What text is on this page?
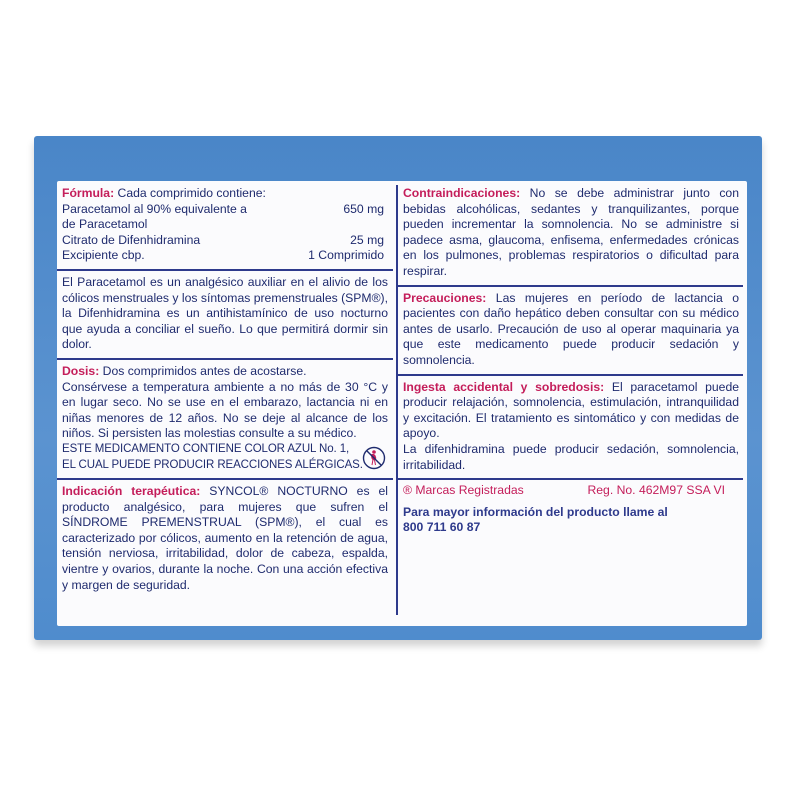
Fórmula: Cada comprimido contiene:
Paracetamol al 90% equivalente a	650 mg
de Paracetamol
Citrato de Difenhidramina	25 mg
Excipiente cbp.	1 Comprimido
El Paracetamol es un analgésico auxiliar en el alivio de los cólicos menstruales y los síntomas premenstruales (SPM®), la Difenhidramina es un antihistamínico de uso nocturno que ayuda a conciliar el sueño. Lo que permitirá dormir sin dolor.
Dosis: Dos comprimidos antes de acostarse.
Consérvese a temperatura ambiente a no más de 30 °C y en lugar seco. No se use en el embarazo, lactancia ni en niñas menores de 12 años. No se deje al alcance de los niños. Si persisten las molestias consulte a su médico.
ESTE MEDICAMENTO CONTIENE COLOR AZUL No. 1,
EL CUAL PUEDE PRODUCIR REACCIONES ALÉRGICAS.
Indicación terapéutica: SYNCOL® NOCTURNO es el producto analgésico, para mujeres que sufren el SÍNDROME PREMENSTRUAL (SPM®), el cual es caracterizado por cólicos, aumento en la retención de agua, tensión nerviosa, irritabilidad, dolor de cabeza, espalda, vientre y ovarios, durante la noche. Con una acción efectiva y margen de seguridad.
Contraindicaciones: No se debe administrar junto con bebidas alcohólicas, sedantes y tranquilizantes, porque pueden incrementar la somnolencia. No se administre si padece asma, glaucoma, enfisema, enfermedades crónicas en los pulmones, problemas respiratorios o dificultad para respirar.
Precauciones: Las mujeres en período de lactancia o pacientes con daño hepático deben consultar con su médico antes de usarlo. Precaución de uso al operar maquinaria ya que este medicamento puede producir sedación y somnolencia.
Ingesta accidental y sobredosis: El paracetamol puede producir relajación, somnolencia, estimulación, intranquilidad y excitación. El tratamiento es sintomático y con medidas de apoyo.
La difenhidramina puede producir sedación, somnolencia, irritabilidad.
® Marcas Registradas	Reg. No. 462M97 SSA VI
Para mayor información del producto llame al
800 711 60 87
